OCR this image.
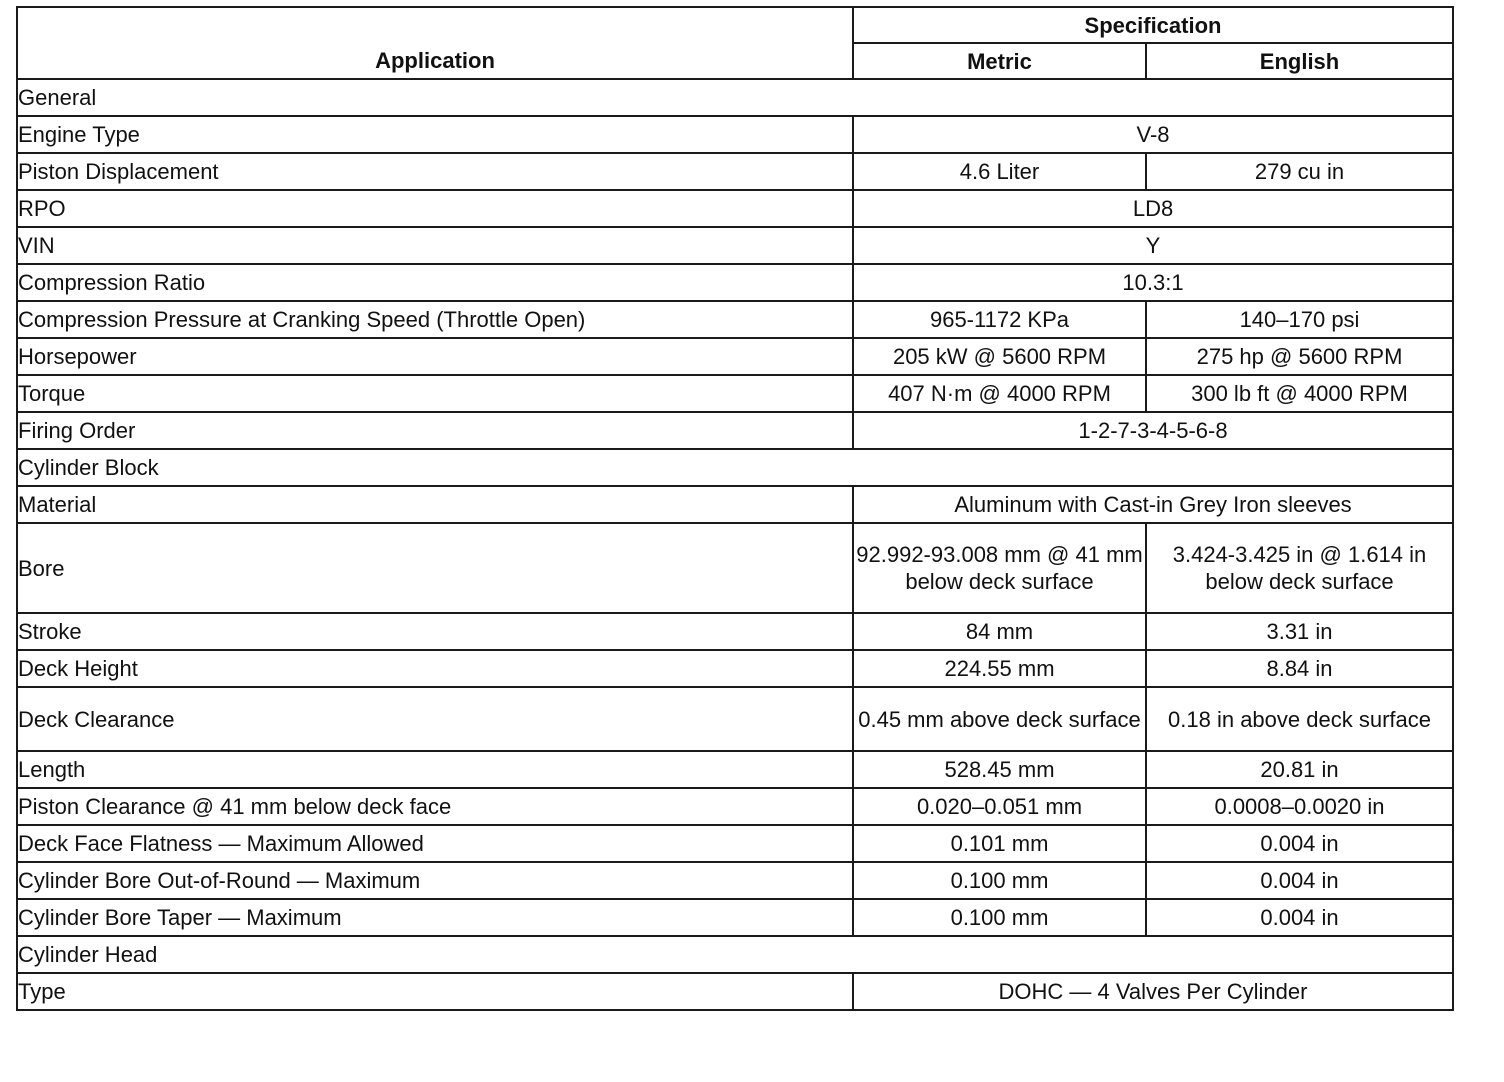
Application	Specification	
	Metric	English
General		
Engine Type	V-8	
Piston Displacement	4.6 Liter	279 cu in
RPO	LD8	
VIN	Y	
Compression Ratio	10.3:1	
Compression Pressure at Cranking Speed (Throttle Open)	965-1172 KPa	140–170 psi
Horsepower	205 kW @ 5600 RPM	275 hp @ 5600 RPM
Torque	407 N·m @ 4000 RPM	300 lb ft @ 4000 RPM
Firing Order	1-2-7-3-4-5-6-8	
Cylinder Block		
Material	Aluminum with Cast-in Grey Iron sleeves	
Bore	92.992-93.008 mm @ 41 mm below deck surface	3.424-3.425 in @ 1.614 in below deck surface
Stroke	84 mm	3.31 in
Deck Height	224.55 mm	8.84 in
Deck Clearance	0.45 mm above deck surface	0.18 in above deck surface
Length	528.45 mm	20.81 in
Piston Clearance @ 41 mm below deck face	0.020–0.051 mm	0.0008–0.0020 in
Deck Face Flatness — Maximum Allowed	0.101 mm	0.004 in
Cylinder Bore Out-of-Round — Maximum	0.100 mm	0.004 in
Cylinder Bore Taper — Maximum	0.100 mm	0.004 in
Cylinder Head		
Type	DOHC — 4 Valves Per Cylinder	
